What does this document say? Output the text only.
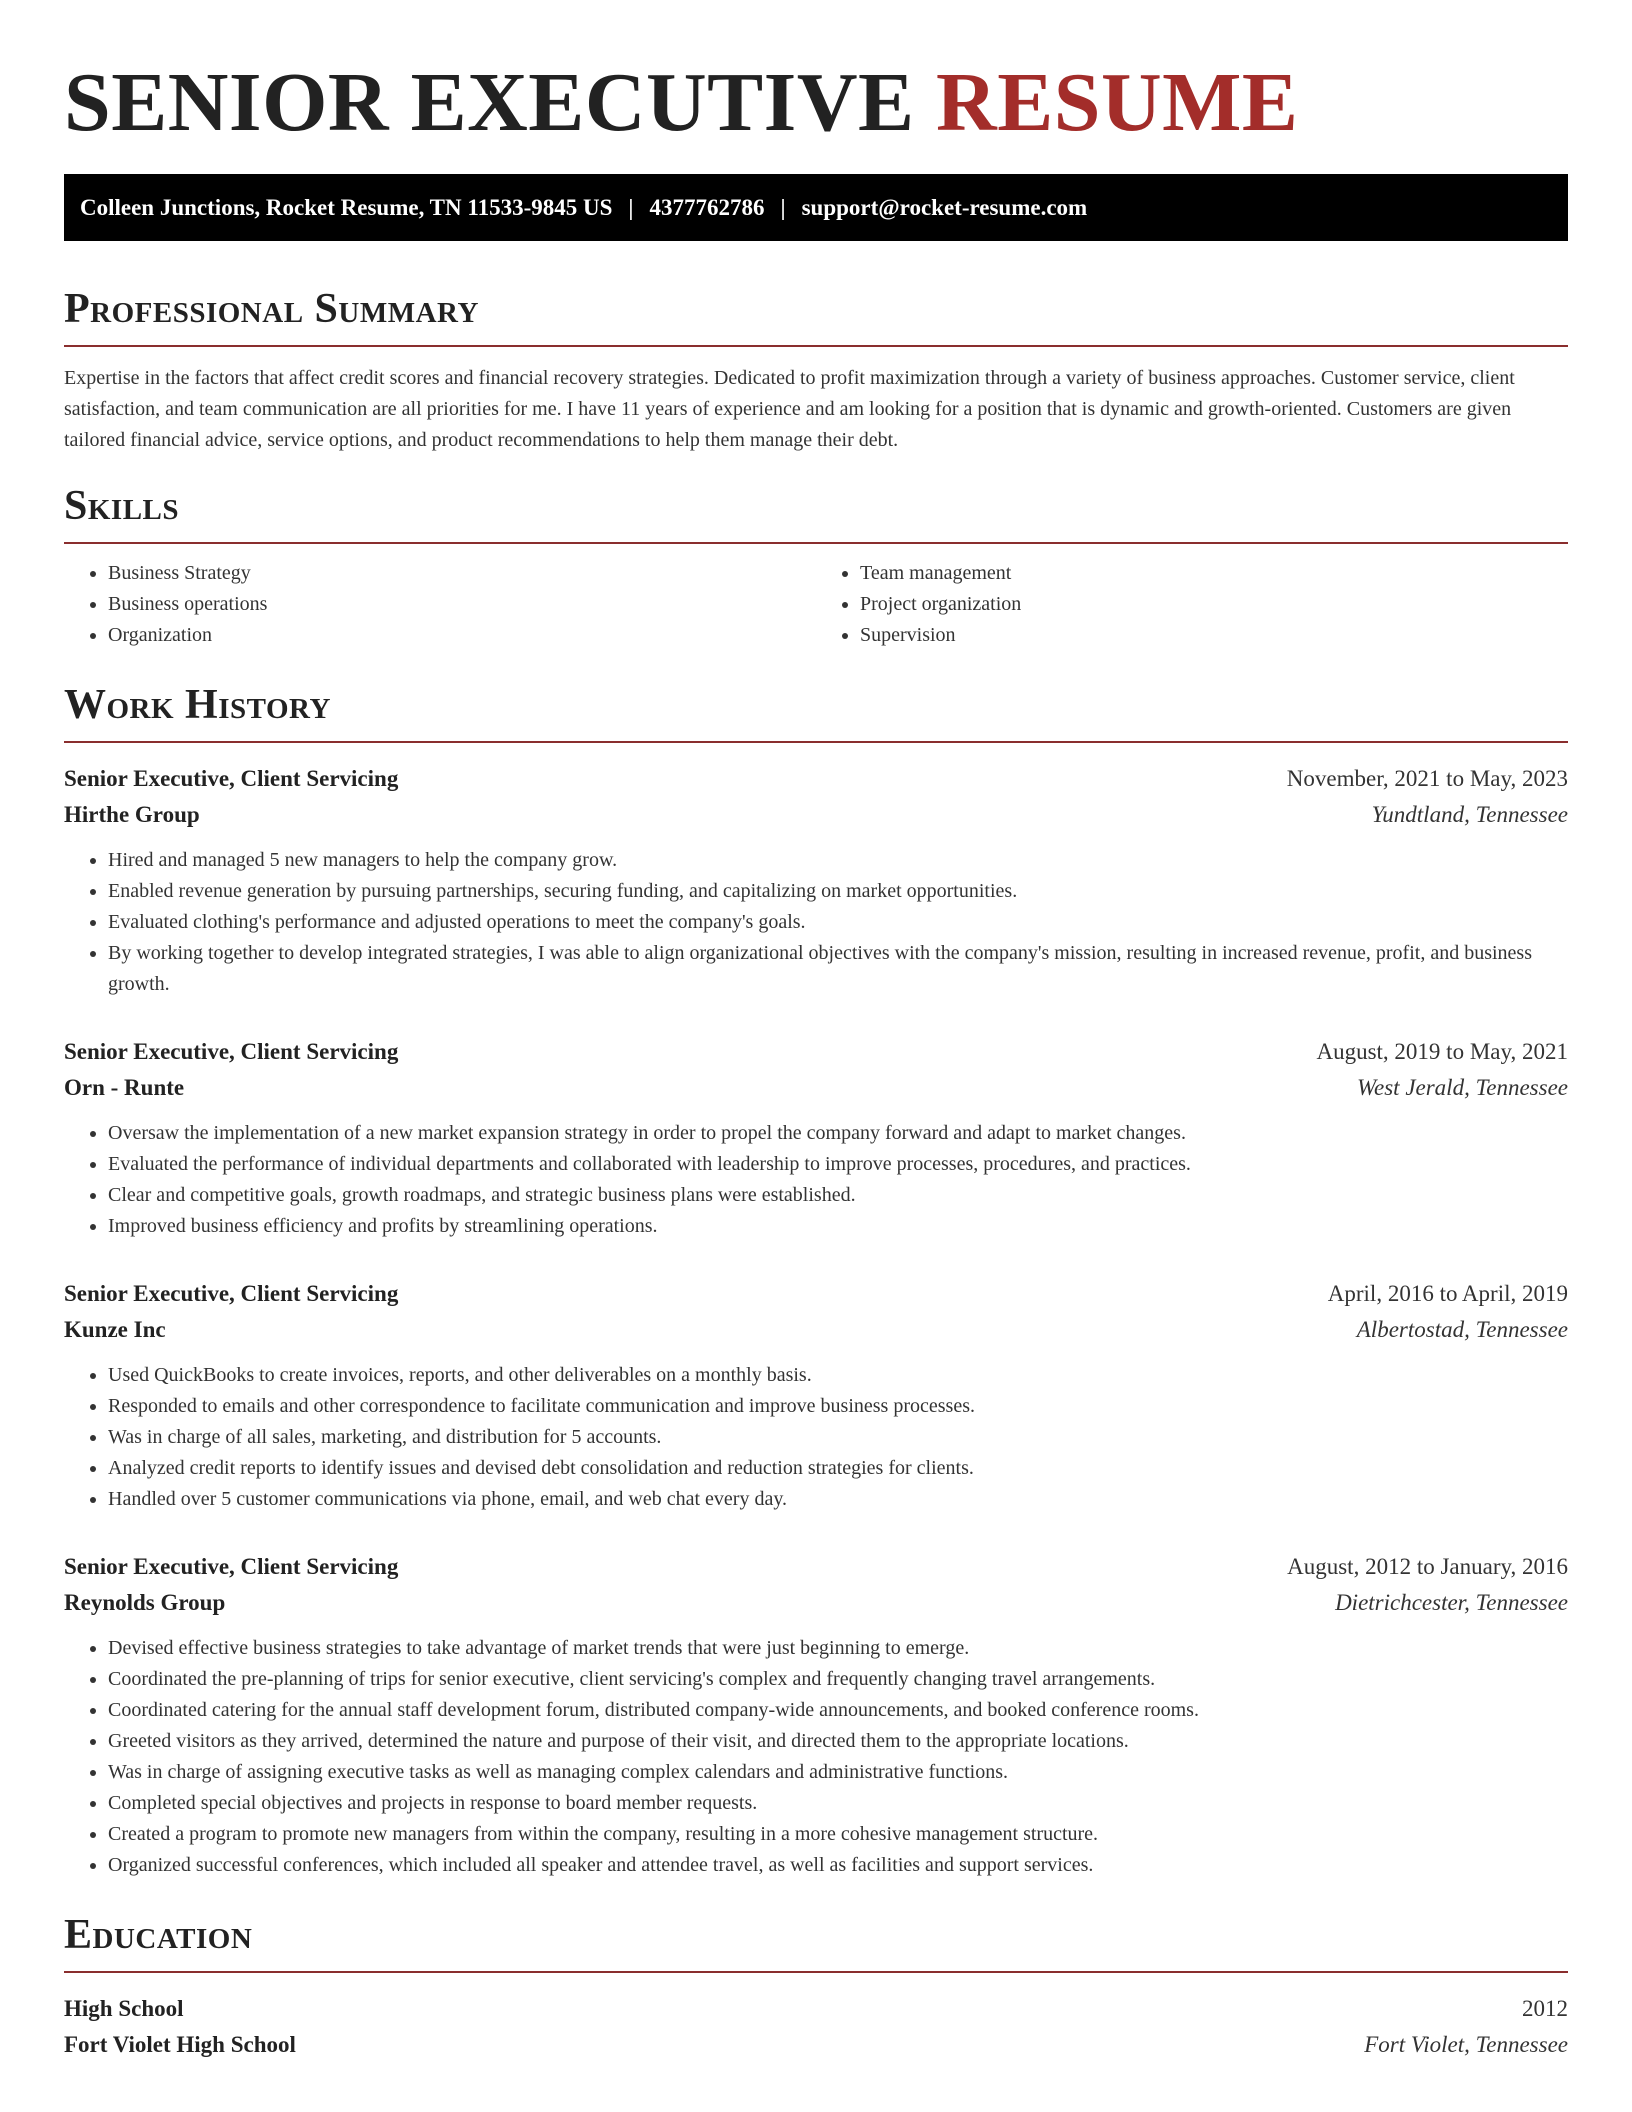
SENIOR EXECUTIVE RESUME
Colleen Junctions, Rocket Resume, TN 11533-9845 US | 4377762786 | support@rocket-resume.com
Professional Summary

Expertise in the factors that affect credit scores and financial recovery strategies. Dedicated to profit maximization through a variety of business approaches. Customer service, client satisfaction, and team communication are all priorities for me. I have 11 years of experience and am looking for a position that is dynamic and growth-oriented. Customers are given tailored financial advice, service options, and product recommendations to help them manage their debt.

Skills
• Business Strategy
• Business operations
• Organization
• Team management
• Project organization
• Supervision
Work History
Senior Executive, Client Servicing	November, 2021 to May, 2023
Hirthe Group	Yundtland, Tennessee
• Hired and managed 5 new managers to help the company grow.
• Enabled revenue generation by pursuing partnerships, securing funding, and capitalizing on market opportunities.
• Evaluated clothing's performance and adjusted operations to meet the company's goals.
• By working together to develop integrated strategies, I was able to align organizational objectives with the company's mission, resulting in increased revenue, profit, and business growth.
Senior Executive, Client Servicing	August, 2019 to May, 2021
Orn - Runte	West Jerald, Tennessee
• Oversaw the implementation of a new market expansion strategy in order to propel the company forward and adapt to market changes.
• Evaluated the performance of individual departments and collaborated with leadership to improve processes, procedures, and practices.
• Clear and competitive goals, growth roadmaps, and strategic business plans were established.
• Improved business efficiency and profits by streamlining operations.
Senior Executive, Client Servicing	April, 2016 to April, 2019
Kunze Inc	Albertostad, Tennessee
• Used QuickBooks to create invoices, reports, and other deliverables on a monthly basis.
• Responded to emails and other correspondence to facilitate communication and improve business processes.
• Was in charge of all sales, marketing, and distribution for 5 accounts.
• Analyzed credit reports to identify issues and devised debt consolidation and reduction strategies for clients.
• Handled over 5 customer communications via phone, email, and web chat every day.
Senior Executive, Client Servicing	August, 2012 to January, 2016
Reynolds Group	Dietrichcester, Tennessee
• Devised effective business strategies to take advantage of market trends that were just beginning to emerge.
• Coordinated the pre-planning of trips for senior executive, client servicing's complex and frequently changing travel arrangements.
• Coordinated catering for the annual staff development forum, distributed company-wide announcements, and booked conference rooms.
• Greeted visitors as they arrived, determined the nature and purpose of their visit, and directed them to the appropriate locations.
• Was in charge of assigning executive tasks as well as managing complex calendars and administrative functions.
• Completed special objectives and projects in response to board member requests.
• Created a program to promote new managers from within the company, resulting in a more cohesive management structure.
• Organized successful conferences, which included all speaker and attendee travel, as well as facilities and support services.
Education
High School	2012
Fort Violet High School	Fort Violet, Tennessee
